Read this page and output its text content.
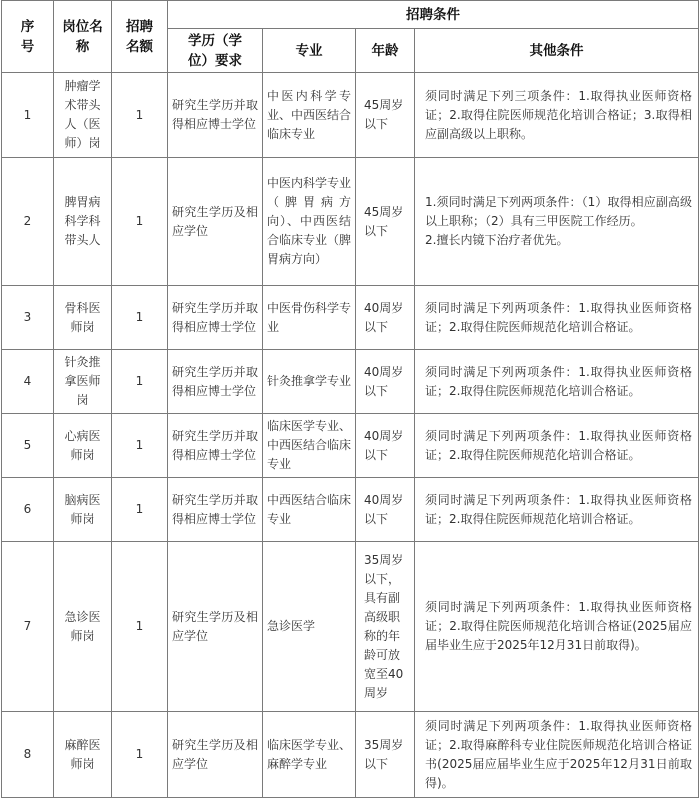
序号	岗位名称	招聘名额	招聘条件			
			学历（学位）要求	专业	年龄	其他条件
1	肿瘤学术带头人（医师）岗	1	研究生学历并取得相应博士学位	中医内科学专业、中西医结合临床专业	45周岁以下	须同时满足下列三项条件：1.取得执业医师资格证；2.取得住院医师规范化培训合格证；3.取得相应副高级以上职称。
2	脾胃病科学科带头人	1	研究生学历及相应学位	中医内科学专业（脾胃病方向）、中西医结合临床专业（脾胃病方向）	45周岁以下	1.须同时满足下列两项条件：（1）取得相应副高级以上职称；（2）具有三甲医院工作经历。
2.擅长内镜下治疗者优先。
3	骨科医师岗	1	研究生学历并取得相应博士学位	中医骨伤科学专业	40周岁以下	须同时满足下列两项条件：1.取得执业医师资格证；2.取得住院医师规范化培训合格证。
4	针灸推拿医师岗	1	研究生学历并取得相应博士学位	针灸推拿学专业	40周岁以下	须同时满足下列两项条件：1.取得执业医师资格证；2.取得住院医师规范化培训合格证。
5	心病医师岗	1	研究生学历并取得相应博士学位	临床医学专业、中西医结合临床专业	40周岁以下	须同时满足下列两项条件：1.取得执业医师资格证；2.取得住院医师规范化培训合格证。
6	脑病医师岗	1	研究生学历并取得相应博士学位	中西医结合临床专业	40周岁以下	须同时满足下列两项条件：1.取得执业医师资格证；2.取得住院医师规范化培训合格证。
7	急诊医师岗	1	研究生学历及相应学位	急诊医学	35周岁以下，具有副高级职称的年龄可放宽至40周岁	须同时满足下列两项条件：1.取得执业医师资格证；2.取得住院医师规范化培训合格证(2025届应届毕业生应于2025年12月31日前取得)。
8	麻醉医师岗	1	研究生学历及相应学位	临床医学专业、麻醉学专业	35周岁以下	须同时满足下列两项条件：1.取得执业医师资格证；2.取得麻醉科专业住院医师规范化培训合格证书(2025届应届毕业生应于2025年12月31日前取得)。
